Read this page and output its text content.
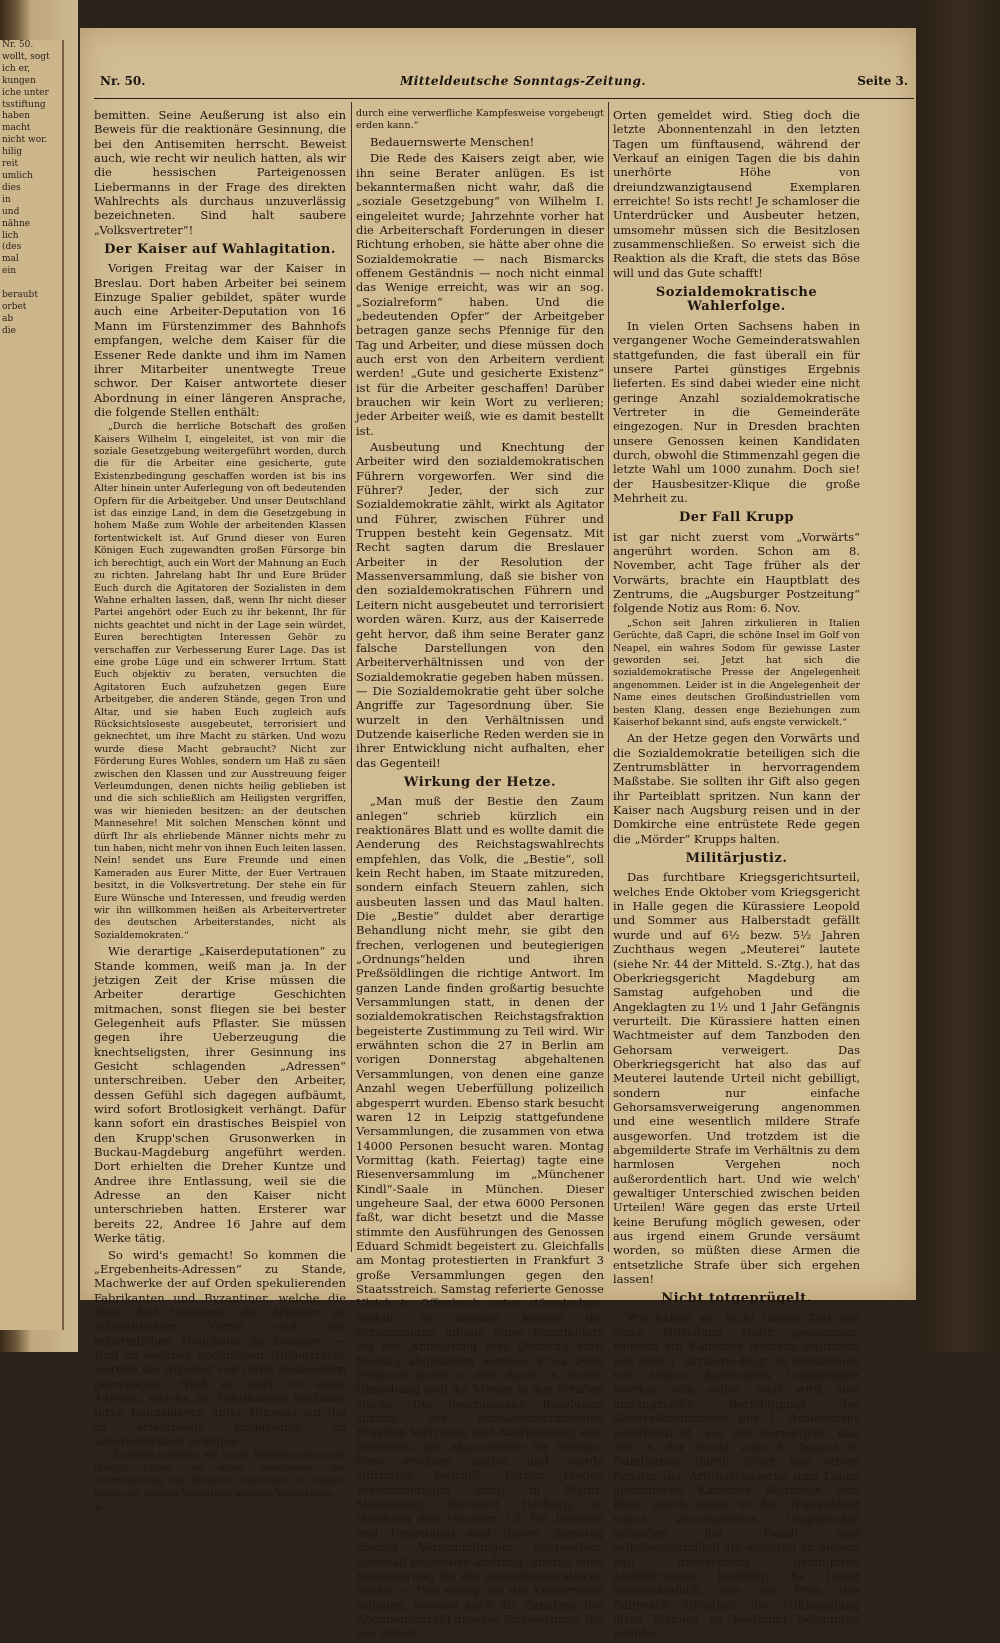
Nr. 50.
wollt, sogt
ich er,
kungen
iche unter
tsstiftung
haben
macht
nicht wor.
hilig
reit
umlich
dies
in
und
nähne
lich
(des
mal
ein

beraubt
orbet
ab
die
Nr. 50.	Mitteldeutsche Sonntags-Zeitung.	Seite 3.

bemitten. Seine Aeußerung ist also ein Beweis für die reaktionäre Gesinnung, die bei den Antisemiten herrscht. Beweist auch, wie recht wir neulich hatten, als wir die hessischen Parteigenossen Liebermanns in der Frage des direkten Wahlrechts als durchaus unzuverlässig bezeichneten. Sind halt saubere „Volksvertreter“!

Der Kaiser auf Wahlagitation.

Vorigen Freitag war der Kaiser in Breslau. Dort haben Arbeiter bei seinem Einzuge Spalier gebildet, später wurde auch eine Arbeiter-Deputation von 16 Mann im Fürstenzimmer des Bahnhofs empfangen, welche dem Kaiser für die Essener Rede dankte und ihm im Namen ihrer Mitarbeiter unentwegte Treue schwor. Der Kaiser antwortete dieser Abordnung in einer längeren Ansprache, die folgende Stellen enthält:

„Durch die herrliche Botschaft des großen Kaisers Wilhelm I, eingeleitet, ist von mir die soziale Gesetzgebung weitergeführt worden, durch die für die Arbeiter eine gesicherte, gute Existenzbedingung geschaffen worden ist bis ins Alter hinein unter Auferlegung von oft bedeutenden Opfern für die Arbeitgeber. Und unser Deutschland ist das einzige Land, in dem die Gesetzgebung in hohem Maße zum Wohle der arbeitenden Klassen fortentwickelt ist. Auf Grund dieser von Euren Königen Euch zugewandten großen Fürsorge bin ich berechtigt, auch ein Wort der Mahnung an Euch zu richten. Jahrelang habt Ihr und Eure Brüder Euch durch die Agitatoren der Sozialisten in dem Wahne erhalten lassen, daß, wenn Ihr nicht dieser Partei angehört oder Euch zu ihr bekennt, Ihr für nichts geachtet und nicht in der Lage sein würdet, Euren berechtigten Interessen Gehör zu verschaffen zur Verbesserung Eurer Lage. Das ist eine grobe Lüge und ein schwerer Irrtum. Statt Euch objektiv zu beraten, versuchten die Agitatoren Euch aufzuhetzen gegen Eure Arbeitgeber, die anderen Stände, gegen Tron und Altar, und sie haben Euch zugleich aufs Rücksichtsloseste ausgebeutet, terrorisiert und geknechtet, um ihre Macht zu stärken. Und wozu wurde diese Macht gebraucht? Nicht zur Förderung Eures Wohles, sondern um Haß zu säen zwischen den Klassen und zur Ausstreuung feiger Verleumdungen, denen nichts heilig geblieben ist und die sich schließlich am Heiligsten vergriffen, was wir hienieden besitzen: an der deutschen Mannesehre! Mit solchen Menschen könnt und dürft Ihr als ehrliebende Männer nichts mehr zu tun haben, nicht mehr von ihnen Euch leiten lassen. Nein! sendet uns Eure Freunde und einen Kameraden aus Eurer Mitte, der Euer Vertrauen besitzt, in die Volksvertretung. Der stehe ein für Eure Wünsche und Interessen, und freudig werden wir ihn willkommen heißen als Arbeitervertreter des deutschen Arbeiterstandes, nicht als Sozialdemokraten.“

Wie derartige „Kaiserdeputationen“ zu Stande kommen, weiß man ja. In der jetzigen Zeit der Krise müssen die Arbeiter derartige Geschichten mitmachen, sonst fliegen sie bei bester Gelegenheit aufs Pflaster. Sie müssen gegen ihre Ueberzeugung die knechtseligsten, ihrer Gesinnung ins Gesicht schlagenden „Adressen“ unterschreiben. Ueber den Arbeiter, dessen Gefühl sich dagegen aufbäumt, wird sofort Brotlosigkeit verhängt. Dafür kann sofort ein drastisches Beispiel von den Krupp'schen Grusonwerken in Buckau-Magdeburg angeführt werden. Dort erhielten die Dreher Kuntze und Andree ihre Entlassung, weil sie die Adresse an den Kaiser nicht unterschrieben hatten. Ersterer war bereits 22, Andree 16 Jahre auf dem Werke tätig.

So wird's gemacht! So kommen die „Ergebenheits-Adressen“ zu Stande, Machwerke der auf Orden spekulierenden Fabrikanten und Byzantiner, welche die flaue Zeit benutzen, die Arbeiter zu schmählichem Verrat und zur erbärmlichen Heuchelei zu zwingen. — Und zu welcher bodenlosen Niedertracht werden die Arbeiter von ihren Ausbeutern gezwungen! Hieß es doch in einer Adresse, welche die Fabrikanten Bochums ihren Lohnsklaven unter Hinweis auf die zu erwartende Entlassung, zu unterschreiben zwangen:

„Zugleich möchten wir Eurer Majestät allerunter tänigst bitten, zu einer Aenderung der Gesetzgebung die Initiative ergreifen zu wollen, damit der elteren Vergiftung unseres Volkslebens

w

durch eine verwerfliche Kampfesweise vorgebeugt erden kann.“

Bedauernswerte Menschen!

Die Rede des Kaisers zeigt aber, wie ihn seine Berater anlügen. Es ist bekanntermaßen nicht wahr, daß die „soziale Gesetzgebung“ von Wilhelm I. eingeleitet wurde; Jahrzehnte vorher hat die Arbeiterschaft Forderungen in dieser Richtung erhoben, sie hätte aber ohne die Sozialdemokratie — nach Bismarcks offenem Geständnis — noch nicht einmal das Wenige erreicht, was wir an sog. „Sozialreform“ haben. Und die „bedeutenden Opfer“ der Arbeitgeber betragen ganze sechs Pfennige für den Tag und Arbeiter, und diese müssen doch auch erst von den Arbeitern verdient werden! „Gute und gesicherte Existenz“ ist für die Arbeiter geschaffen! Darüber brauchen wir kein Wort zu verlieren; jeder Arbeiter weiß, wie es damit bestellt ist.

Ausbeutung und Knechtung der Arbeiter wird den sozialdemokratischen Führern vorgeworfen. Wer sind die Führer? Jeder, der sich zur Sozialdemokratie zählt, wirkt als Agitator und Führer, zwischen Führer und Truppen besteht kein Gegensatz. Mit Recht sagten darum die Breslauer Arbeiter in der Resolution der Massenversammlung, daß sie bisher von den sozialdemokratischen Führern und Leitern nicht ausgebeutet und terrorisiert worden wären. Kurz, aus der Kaiserrede geht hervor, daß ihm seine Berater ganz falsche Darstellungen von den Arbeiterverhältnissen und von der Sozialdemokratie gegeben haben müssen. — Die Sozialdemokratie geht über solche Angriffe zur Tagesordnung über. Sie wurzelt in den Verhältnissen und Dutzende kaiserliche Reden werden sie in ihrer Entwicklung nicht aufhalten, eher das Gegenteil!

Wirkung der Hetze.

„Man muß der Bestie den Zaum anlegen“ schrieb kürzlich ein reaktionäres Blatt und es wollte damit die Aenderung des Reichstagswahlrechts empfehlen, das Volk, die „Bestie“, soll kein Recht haben, im Staate mitzureden, sondern einfach Steuern zahlen, sich ausbeuten lassen und das Maul halten. Die „Bestie“ duldet aber derartige Behandlung nicht mehr, sie gibt den frechen, verlogenen und beutegierigen „Ordnungs“helden und ihren Preßsöldlingen die richtige Antwort. Im ganzen Lande finden großartig besuchte Versammlungen statt, in denen der sozialdemokratischen Reichstagsfraktion begeisterte Zustimmung zu Teil wird. Wir erwähnten schon die 27 in Berlin am vorigen Donnerstag abgehaltenen Versammlungen, von denen eine ganze Anzahl wegen Ueberfüllung polizeilich abgesperrt wurden. Ebenso stark besucht waren 12 in Leipzig stattgefundene Versammlungen, die zusammen von etwa 14000 Personen besucht waren. Montag Vormittag (kath. Feiertag) tagte eine Riesenversammlung im „Münchener Kindl“-Saale in München. Dieser ungeheure Saal, der etwa 6000 Personen faßt, war dicht besetzt und die Masse stimmte den Ausführungen des Genossen Eduard Schmidt begeistert zu. Gleichfalls am Montag protestierten in Frankfurt 3 große Versammlungen gegen den Staatsstreich. Samstag referierte Genosse Ulrich in Offenbach unter stürmischem Beifall. In Breslau konnte die Versammlung infolge eines Formfehlers bei der Anmeldung erst Dienstag statt Montag abgehalten werden. Etwa 2000 Personen waren in dem Saale, in dessen Umgebung sich die Menge in den Straßen staute. Die beschlossene Resolution spricht der sozialdemokratischen Fraktion Vertrauen und Anerkennung aus. Bernstein, der Abgeordnete für Breslau-West erschien später und wurde stürmisch begrüßt. Ferner fanden Versammlungen statt: in Mainz, Magdeburg, Stuttgart, Harburg, in Hamburg den Vororten 13, für Dresden und Umgebung sind diesen Samstag dreißig Versammlungen vorgesehen. Ueberall kolossaler Andrang, überall hohe Begeisterung für die sozialdemokratische Sache. — Wie wenig uns die Kaiserreden schaden, beweist auch die Zunahme der Abonnentenzahl unserer Parteiorgane, die aus vielen

Orten gemeldet wird. Stieg doch die letzte Abonnentenzahl in den letzten Tagen um fünftausend, während der Verkauf an einigen Tagen die bis dahin unerhörte Höhe von dreiundzwanzigtausend Exemplaren erreichte! So ists recht! Je schamloser die Unterdrücker und Ausbeuter hetzen, umsomehr müssen sich die Besitzlosen zusammenschließen. So erweist sich die Reaktion als die Kraft, die stets das Böse will und das Gute schafft!

Sozialdemokratische Wahlerfolge.

In vielen Orten Sachsens haben in vergangener Woche Gemeinderatswahlen stattgefunden, die fast überall ein für unsere Partei günstiges Ergebnis lieferten. Es sind dabei wieder eine nicht geringe Anzahl sozialdemokratische Vertreter in die Gemeinderäte eingezogen. Nur in Dresden brachten unsere Genossen keinen Kandidaten durch, obwohl die Stimmenzahl gegen die letzte Wahl um 1000 zunahm. Doch sie! der Hausbesitzer-Klique die große Mehrheit zu.

Der Fall Krupp

ist gar nicht zuerst vom „Vorwärts“ angerührt worden. Schon am 8. November, acht Tage früher als der Vorwärts, brachte ein Hauptblatt des Zentrums, die „Augsburger Postzeitung“ folgende Notiz aus Rom: 6. Nov.

„Schon seit Jahren zirkulieren in Italien Gerüchte, daß Capri, die schöne Insel im Golf von Neapel, ein wahres Sodom für gewisse Laster geworden sei. Jetzt hat sich die sozialdemokratische Presse der Angelegenheit angenommen. Leider ist in die Angelegenheit der Name eines deutschen Großindustriellen vom besten Klang, dessen enge Beziehungen zum Kaiserhof bekannt sind, aufs engste verwickelt.“

An der Hetze gegen den Vorwärts und die Sozialdemokratie beteiligen sich die Zentrumsblätter in hervorragendem Maßstabe. Sie sollten ihr Gift also gegen ihr Parteiblatt spritzen. Nun kann der Kaiser nach Augsburg reisen und in der Domkirche eine entrüstete Rede gegen die „Mörder“ Krupps halten.

Militärjustiz.

Das furchtbare Kriegsgerichtsurteil, welches Ende Oktober vom Kriegsgericht in Halle gegen die Kürassiere Leopold und Sommer aus Halberstadt gefällt wurde und auf 6½ bezw. 5½ Jahren Zuchthaus wegen „Meuterei“ lautete (siehe Nr. 44 der Mitteld. S.-Ztg.), hat das Oberkriegsgericht Magdeburg am Samstag aufgehoben und die Angeklagten zu 1½ und 1 Jahr Gefängnis verurteilt. Die Kürassiere hatten einen Wachtmeister auf dem Tanzboden den Gehorsam verweigert. Das Oberkriegsgericht hat also das auf Meuterei lautende Urteil nicht gebilligt, sondern nur einfache Gehorsamsverweigerung angenommen und eine wesentlich mildere Strafe ausgeworfen. Und trotzdem ist die abgemilderte Strafe im Verhältnis zu dem harmlosen Vergehen noch außerordentlich hart. Und wie welch' gewaltiger Unterschied zwischen beiden Urteilen! Wäre gegen das erste Urteil keine Berufung möglich gewesen, oder aus irgend einem Grunde versäumt worden, so müßten diese Armen die entsetzliche Strafe über sich ergehen lassen!

Nicht totgeprügelt.

Wir haben vor nicht langer Zeit von einer Mitteilung Notiz genommen, wonach ein Kanonier Namens Baltrusch von dem 1. Artillerie-Regt. in Gumbinnen von seinen Kameraden totgeprügelt worden sein sollte. Jetzt wird eine umfangreiche Berichtigung des Generalkommandos des 1. Armeekorps veröffentlicht, aus der hervorgeht, daß der in der Nacht zum 8. August in Gumbinnen durch Sturz aus einem Fenster der Artilleriekaserne ums Leben gekommene Kanonier Baltrusch sein Ende durch einen in der Trunkenheit selbst verschuldeten Unglücksfall gefunden hat. Damit sind selbstverständlich die weiteren an diesem Fall unsererseits geknüpften Ausführungen hinfällig. Es bleibt unverständlich, wie die Frau des Baltrusch öffentlich die Mißhandlung ihres Mannes so bestimmt behaupten konnte.
